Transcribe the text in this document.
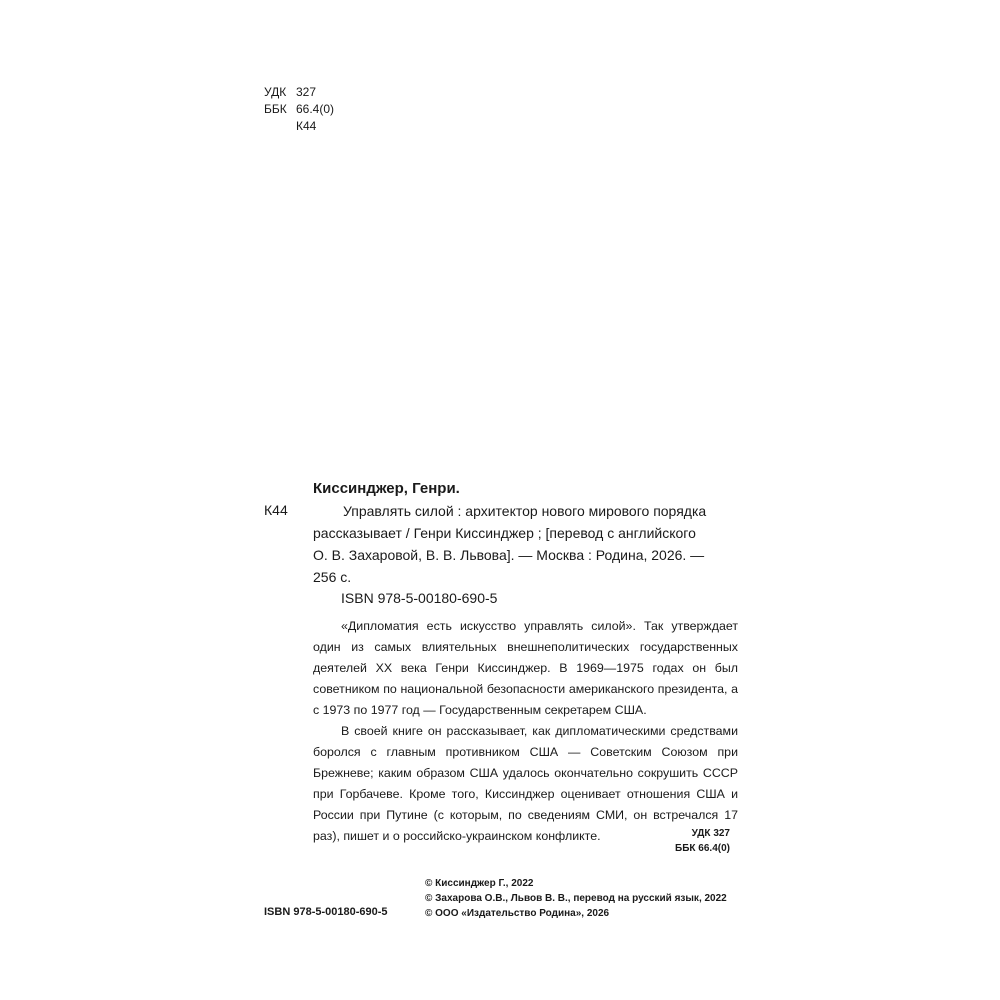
УДК 327
ББК 66.4(0)
К44
Киссинджер, Генри.
К44	Управлять силой : архитектор нового мирового порядка
рассказывает / Генри Киссинджер ; [перевод с английского
О. В. Захаровой, В. В. Львова]. — Москва : Родина, 2026. —
256 с.
ISBN 978-5-00180-690-5

«Дипломатия есть искусство управлять силой». Так утверждает один из самых влиятельных внешнеполитических государственных деятелей XX века Генри Киссинджер. В 1969—1975 годах он был советником по национальной безопасности американского президента, а с 1973 по 1977 год — Государственным секретарем США.

В своей книге он рассказывает, как дипломатическими средствами боролся с главным противником США — Советским Союзом при Брежневе; каким образом США удалось окончательно сокрушить СССР при Горбачеве. Кроме того, Киссинджер оценивает отношения США и России при Путине (с которым, по сведениям СМИ, он встречался 17 раз), пишет и о российско-украинском конфликте.	УДК 327
ББК 66.4(0)
© Киссинджер Г., 2022
© Захарова О.В., Львов В. В., перевод на русский язык, 2022
© ООО «Издательство Родина», 2026
ISBN 978-5-00180-690-5
